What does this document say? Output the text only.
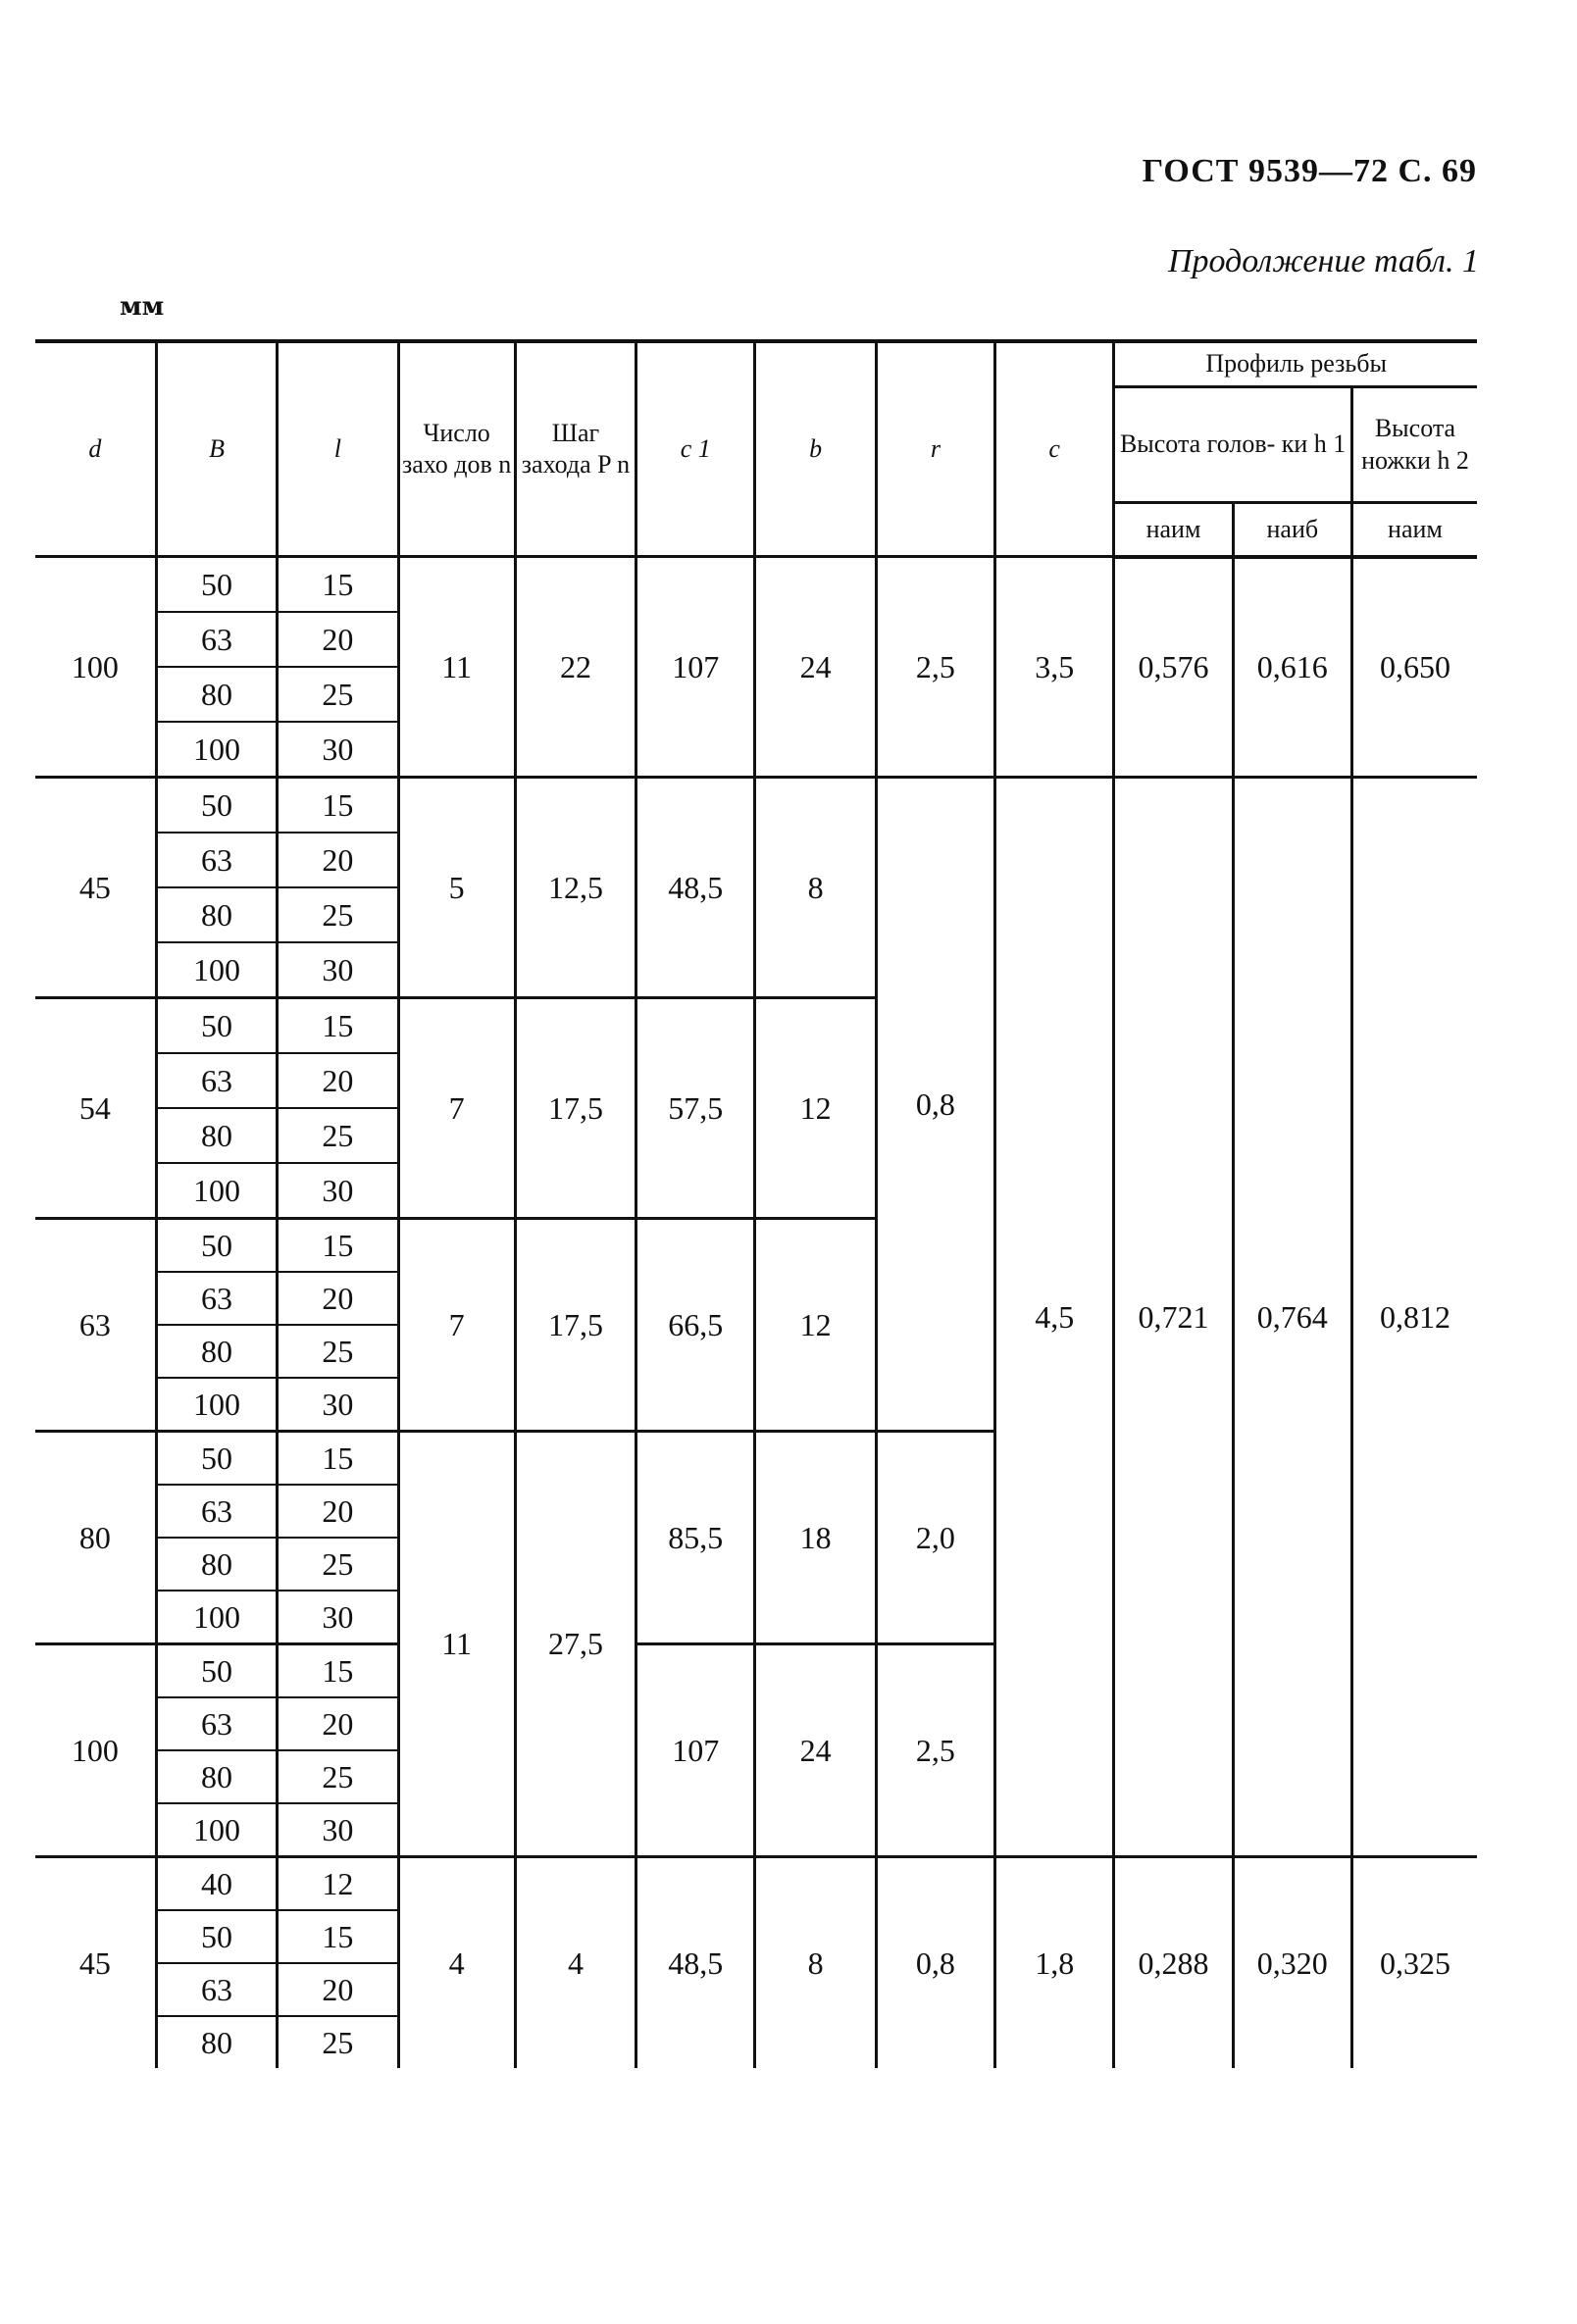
ГОСТ 9539—72 С. 69
Продолжение табл. 1
мм
d	B	l	Число захо дов n	Шаг захода P n	c 1	b	r	c	Профиль резьбы		
									Высота голов- ки h 1		Высота ножки h 2
									наим	наиб	наим
100	50	15	11	22	107	24	2,5	3,5	0,576	0,616	0,650
	63	20									
	80	25									
	100	30									
45	50	15	5	12,5	48,5	8	0,8	4,5	0,721	0,764	0,812
	63	20									
	80	25									
	100	30									
54	50	15	7	17,5	57,5	12					
	63	20									
	80	25									
	100	30									
63	50	15	7	17,5	66,5	12					
	63	20									
	80	25									
	100	30									
80	50	15	11	27,5	85,5	18	2,0				
	63	20									
	80	25									
	100	30									
100	50	15			107	24	2,5				
	63	20									
	80	25									
	100	30									
45	40	12	4	4	48,5	8	0,8	1,8	0,288	0,320	0,325
	50	15									
	63	20									
	80	25									
